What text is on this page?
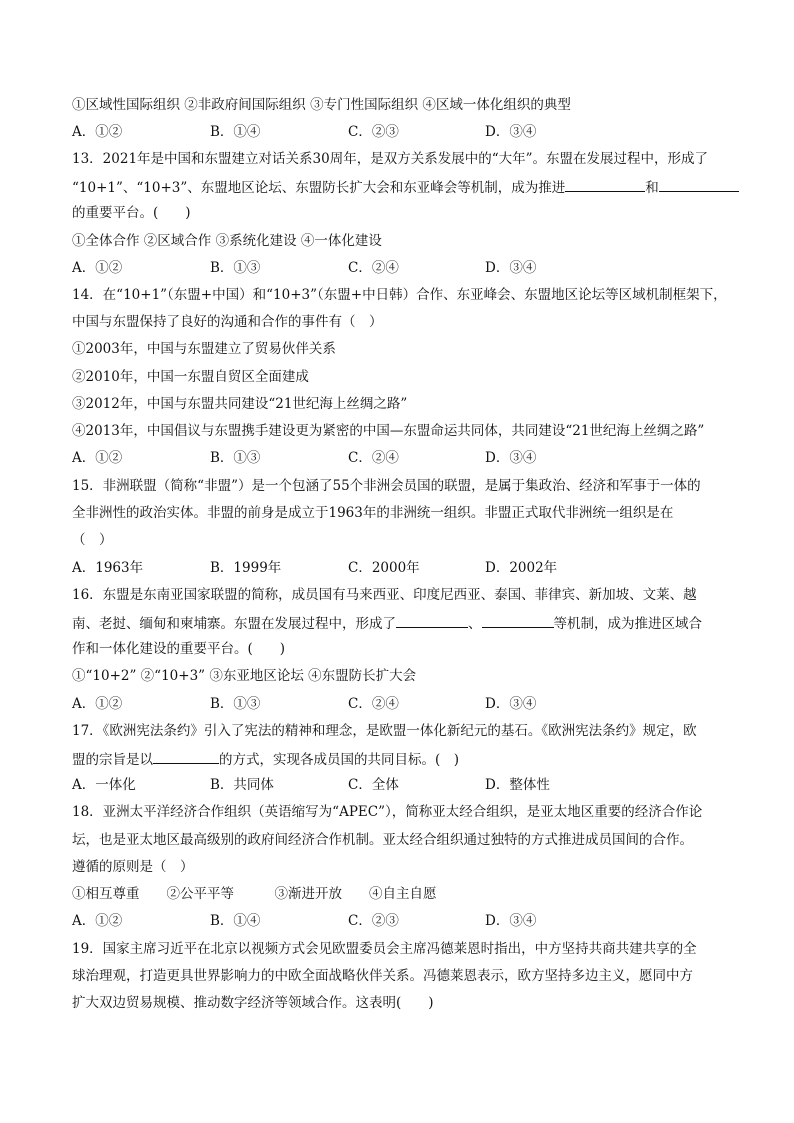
①区域性国际组织 ②非政府间国际组织 ③专门性国际组织 ④区域一体化组织的典型
A．①②	B．①④	C．②③	D．③④
13．2021年是中国和东盟建立对话关系30周年，是双方关系发展中的“大年”。东盟在发展过程中，形成了
“10+1”、“10+3”、东盟地区论坛、东盟防长扩大会和东亚峰会等机制，成为推进	和
的重要平台。(　　)
①全体合作 ②区域合作 ③系统化建设 ④一体化建设
A．①②	B．①③	C．②④	D．③④
14．在“10+1”（东盟+中国）和“10+3”（东盟+中日韩）合作、东亚峰会、东盟地区论坛等区域机制框架下，
中国与东盟保持了良好的沟通和合作的事件有（　）
①2003年，中国与东盟建立了贸易伙伴关系
②2010年，中国一东盟自贸区全面建成
③2012年，中国与东盟共同建设“21世纪海上丝绸之路”
④2013年，中国倡议与东盟携手建设更为紧密的中国—东盟命运共同体，共同建设“21世纪海上丝绸之路”
A．①②	B．①③	C．②④	D．③④
15．非洲联盟（简称“非盟”）是一个包涵了55个非洲会员国的联盟，是属于集政治、经济和军事于一体的
全非洲性的政治实体。非盟的前身是成立于1963年的非洲统一组织。非盟正式取代非洲统一组织是在
（　）
A．1963年	B．1999年	C．2000年	D．2002年
16．东盟是东南亚国家联盟的简称，成员国有马来西亚、印度尼西亚、泰国、菲律宾、新加坡、文莱、越
南、老挝、缅甸和柬埔寨。东盟在发展过程中，形成了	、	等机制，成为推进区域合
作和一体化建设的重要平台。(　　)
①“10+2” ②“10+3” ③东亚地区论坛 ④东盟防长扩大会
A．①②	B．①③	C．②④	D．③④
17．《欧洲宪法条约》引入了宪法的精神和理念，是欧盟一体化新纪元的基石。《欧洲宪法条约》规定，欧
盟的宗旨是以	的方式，实现各成员国的共同目标。(　)
A．一体化	B．共同体	C．全体	D．整体性
18．亚洲太平洋经济合作组织（英语缩写为“APEC”），简称亚太经合组织，是亚太地区重要的经济合作论
坛，也是亚太地区最高级别的政府间经济合作机制。亚太经合组织通过独特的方式推进成员国间的合作。
遵循的原则是（　）
①相互尊重　　②公平平等　　　③渐进开放　　④自主自愿
A．①②	B．①④	C．②③	D．③④
19．国家主席习近平在北京以视频方式会见欧盟委员会主席冯德莱恩时指出，中方坚持共商共建共享的全
球治理观，打造更具世界影响力的中欧全面战略伙伴关系。冯德莱恩表示，欧方坚持多边主义，愿同中方
扩大双边贸易规模、推动数字经济等领域合作。这表明(　　)
